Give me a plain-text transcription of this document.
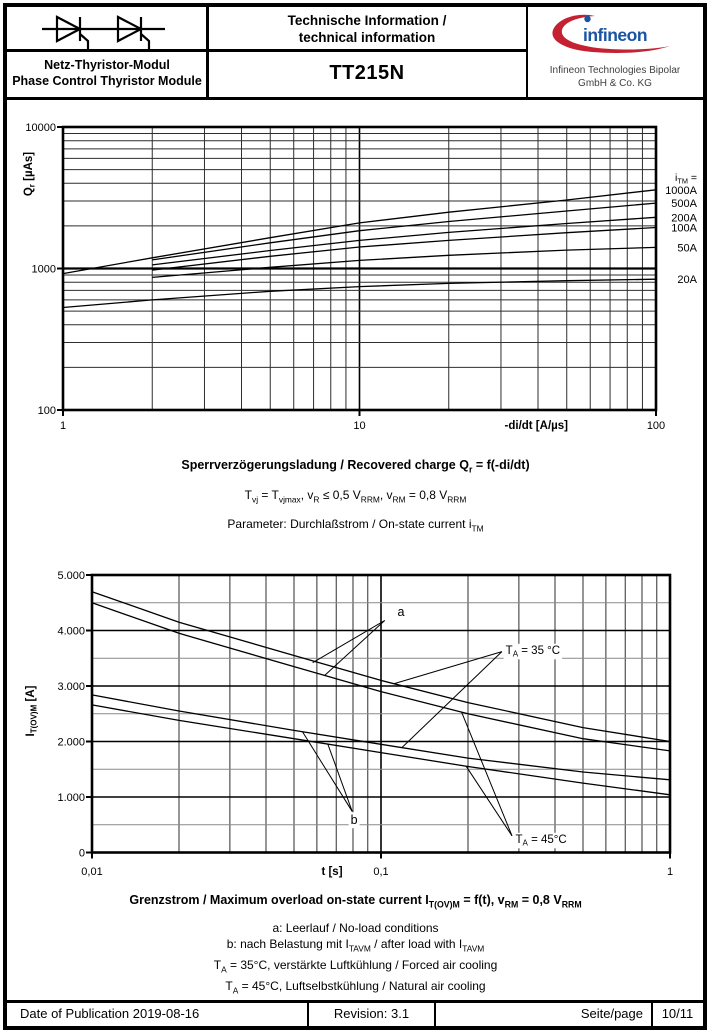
Netz-Thyristor-Modul
Phase Control Thyristor Module
Technische Information /
technical information
TT215N
infineon
Infineon Technologies Bipolar
GmbH & Co. KG
1	10	100
100
1000
10000
-di/dt [A/µs]
$Q_r$ [µAs]	$i_{TM}$ =
1000A
500A
200A
100A
50A
20A
Sperrverzögerungsladung / Recovered charge $Q_r = f(-di/dt)$
$T_{vj} = T_{vjmax}$, $v_R \le 0,5$ $V_{RRM}$, $v_{RM} = 0,8$ $V_{RRM}$
Parameter: Durchlaßstrom / On-state current $i_{TM}$
0,01	0,1	1
0
1.000
2.000
3.000
4.000
5.000
t [s]
$I_{T(OV)M}$ [A]
a
$T_A = 35$ °C
b
$T_A = 45^\circ C$
Grenzstrom / Maximum overload on-state current $I_{T(OV)M} = f(t)$, $v_{RM} = 0,8$ $V_{RRM}$
a: Leerlauf / No-load conditions
b: nach Belastung mit $I_{TAVM}$ / after load with $I_{TAVM}$
$T_A = 35^\circ C$, verstärkte Luftkühlung / Forced air cooling
$T_A = 45^\circ C$, Luftselbstkühlung / Natural air cooling
Date of Publication 2019-08-16	Revision: 3.1	Seite/page	10/11
